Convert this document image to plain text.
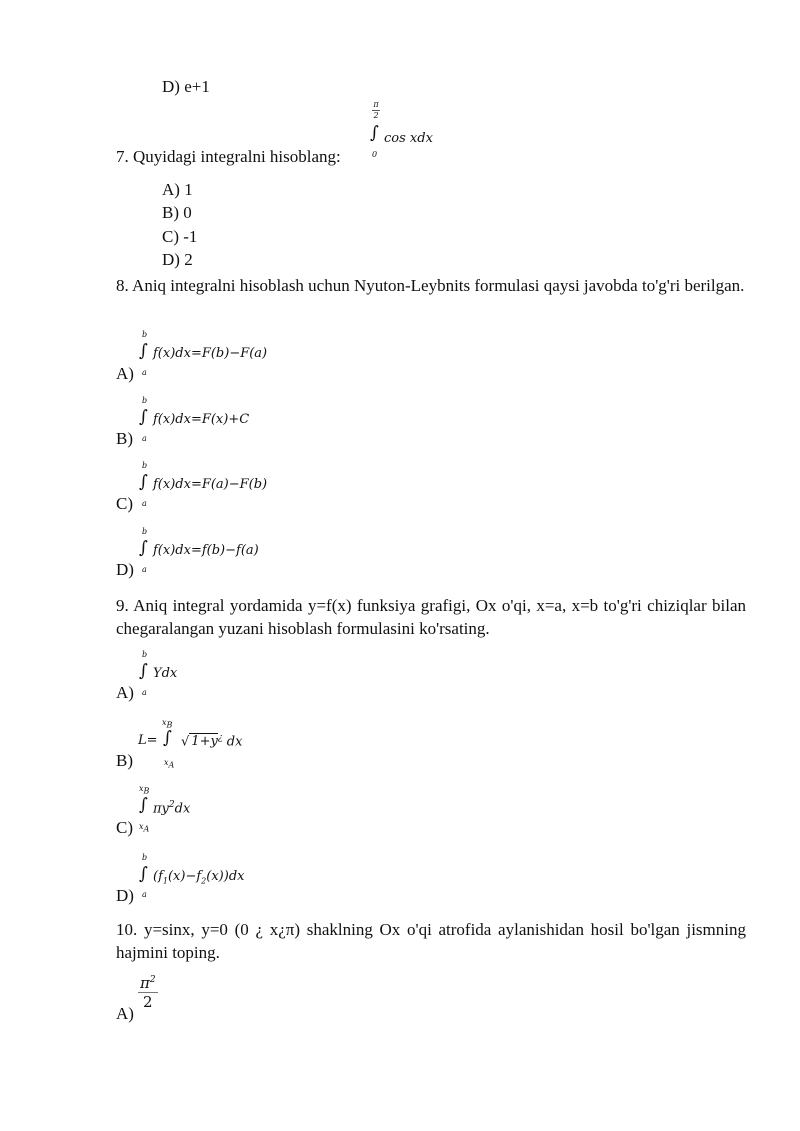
D) e+1
π
2
∫
0
cos xdx
7. Quyidagi integralni hisoblang:
A) 1
B) 0
C) -1
D) 2
8. Aniq integralni hisoblash uchun Nyuton-Leybnits formulasi qaysi javobda to'g'ri berilgan.
b
∫ f(x)dx=F(b)−F(a)
A) a
b
∫ f(x)dx=F(x)+C
B) a
b
∫ f(x)dx=F(a)−F(b)
C) a
b
∫ f(x)dx=f(b)−f(a)
D) a
9. Aniq integral yordamida y=f(x) funksiya grafigi, Ox o'qi, x=a, x=b to'g'ri chiziqlar bilan chegaralangan yuzani hisoblash formulasini ko'rsating.
b
∫ Ydx
A) a
xB
L= ∫ √ 1+y¿ dx
B)	xA
xB
∫ $\pi y^2dx$
C) xA
b
∫ $(f_1(x)-f_2(x))dx$
D) a
10. y=sinx, y=0 (0 ¿ x¿π) shaklning Ox o'qi atrofida aylanishidan hosil bo'lgan jismning hajmini toping.
$\frac{\pi^2}{2}$
A)
